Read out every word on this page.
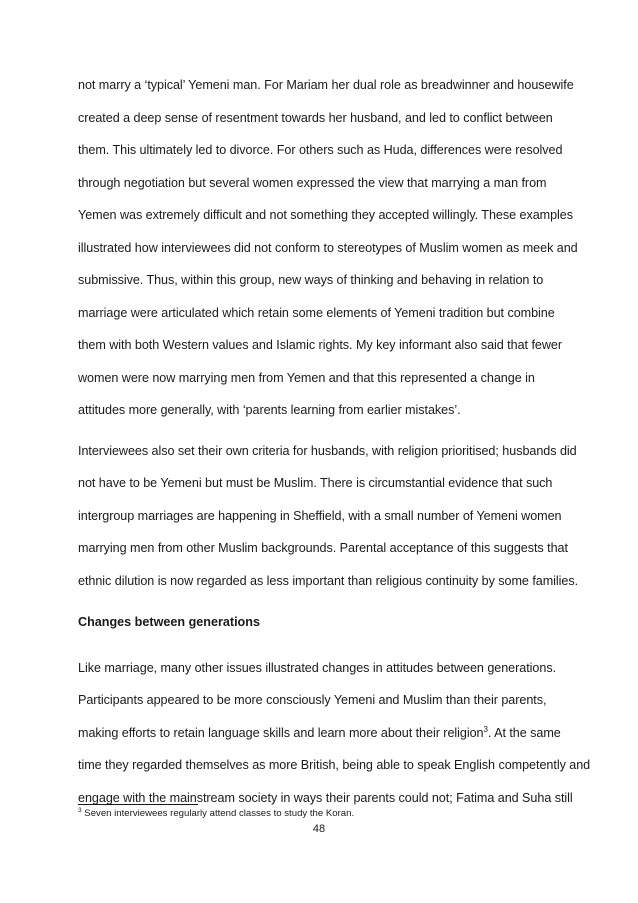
not marry a ‘typical’ Yemeni man. For Mariam her dual role as breadwinner and housewife
created a deep sense of resentment towards her husband, and led to conflict between
them. This ultimately led to divorce. For others such as Huda, differences were resolved
through negotiation but several women expressed the view that marrying a man from
Yemen was extremely difficult and not something they accepted willingly. These examples
illustrated how interviewees did not conform to stereotypes of Muslim women as meek and
submissive. Thus, within this group, new ways of thinking and behaving in relation to
marriage were articulated which retain some elements of Yemeni tradition but combine
them with both Western values and Islamic rights. My key informant also said that fewer
women were now marrying men from Yemen and that this represented a change in
attitudes more generally, with ‘parents learning from earlier mistakes’.
Interviewees also set their own criteria for husbands, with religion prioritised; husbands did
not have to be Yemeni but must be Muslim. There is circumstantial evidence that such
intergroup marriages are happening in Sheffield, with a small number of Yemeni women
marrying men from other Muslim backgrounds. Parental acceptance of this suggests that
ethnic dilution is now regarded as less important than religious continuity by some families.
Changes between generations
Like marriage, many other issues illustrated changes in attitudes between generations.
Participants appeared to be more consciously Yemeni and Muslim than their parents,
making efforts to retain language skills and learn more about their religion$^3$. At the same
time they regarded themselves as more British, being able to speak English competently and
engage with the mainstream society in ways their parents could not; Fatima and Suha still
$^3$ Seven interviewees regularly attend classes to study the Koran.
48
